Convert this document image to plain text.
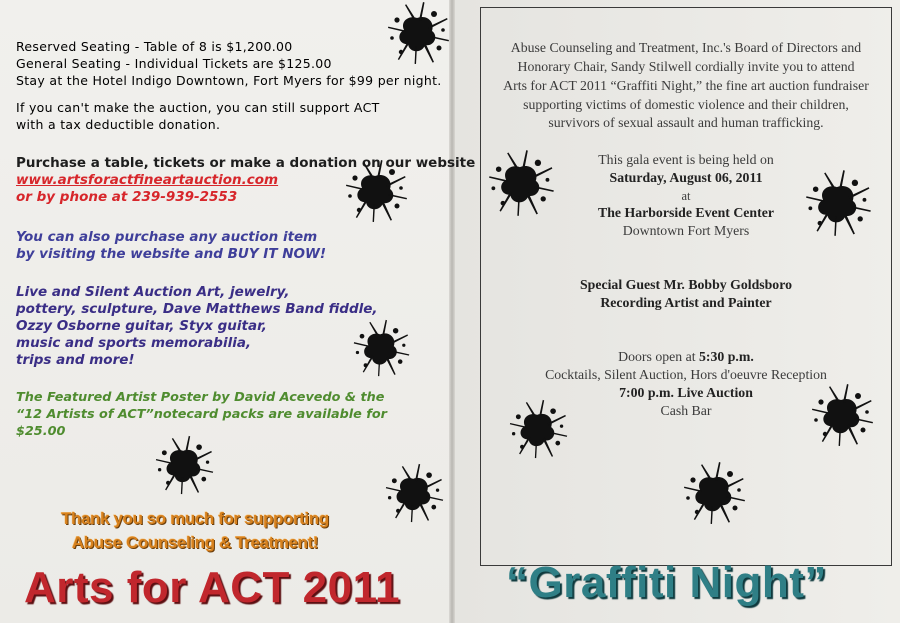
Reserved Seating - Table of 8 is $1,200.00
General Seating - Individual Tickets are $125.00
Stay at the Hotel Indigo Downtown, Fort Myers for $99 per night.
If you can't make the auction, you can still support ACT
with a tax deductible donation.
Purchase a table, tickets or make a donation on our website
www.artsforactfineartauction.com
or by phone at 239-939-2553
You can also purchase any auction item
by visiting the website and BUY IT NOW!
Live and Silent Auction Art, jewelry,
pottery, sculpture, Dave Matthews Band fiddle,
Ozzy Osborne guitar, Styx guitar,
music and sports memorabilia,
trips and more!
The Featured Artist Poster by David Acevedo & the
“12 Artists of ACT”notecard packs are available for
$25.00
Thank you so much for supporting
Abuse Counseling & Treatment!
Arts for ACT 2011
Abuse Counseling and Treatment, Inc.'s Board of Directors and
Honorary Chair, Sandy Stilwell cordially invite you to attend
Arts for ACT 2011 “Graffiti Night,” the fine art auction fundraiser
supporting victims of domestic violence and their children,
survivors of sexual assault and human trafficking.
This gala event is being held on
Saturday, August 06, 2011
at
The Harborside Event Center
Downtown Fort Myers
Special Guest Mr. Bobby Goldsboro
Recording Artist and Painter
Doors open at 5:30 p.m.
Cocktails, Silent Auction, Hors d'oeuvre Reception
7:00 p.m. Live Auction
Cash Bar
“Graffiti Night”
